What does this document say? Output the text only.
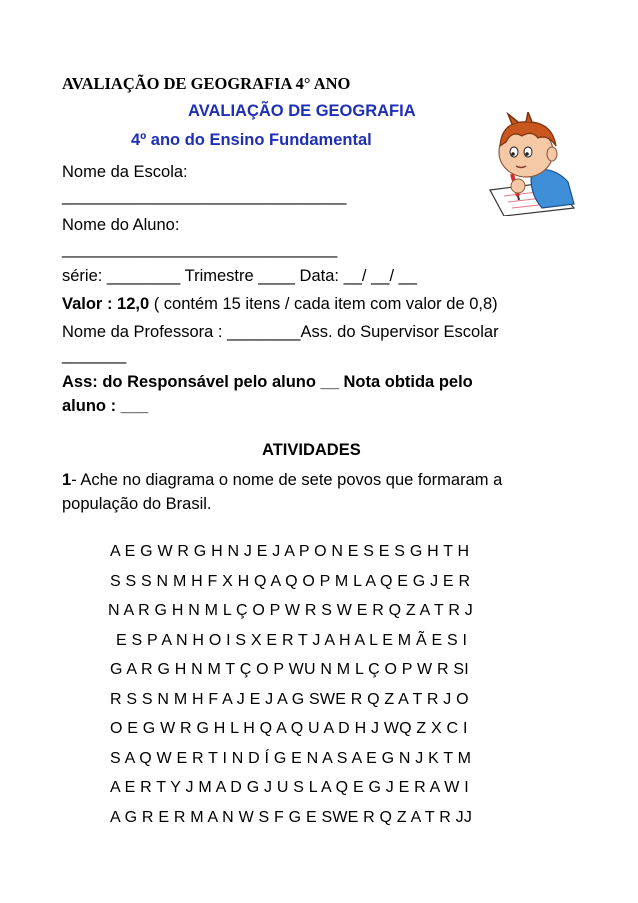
AVALIAÇÃO DE GEOGRAFIA 4° ANO
AVALIAÇÃO DE GEOGRAFIA
4º ano do Ensino Fundamental
Nome da Escola:
_______________________________
Nome do Aluno:
______________________________
série: ________ Trimestre ____ Data: __/ __/ __
Valor : 12,0 ( contém 15 itens / cada item com valor de 0,8)
Nome da Professora : ________Ass. do Supervisor Escolar
_______
Ass: do Responsável pelo aluno __ Nota obtida pelo
aluno : ___
ATIVIDADES
1- Ache no diagrama o nome de sete povos que formaram a
população do Brasil.
A E G W R G H N J E J A P O N E S E S G H T H
S S S N M H F X H Q A Q O P M L A Q E G J E R
N A R G H N M L Ç O P W R S W E R Q Z A T R J
E S P A N H O I S X E R T J A H A L E M Ã E S I
G A R G H N M T Ç O P WU N M L Ç O P W R SI
R S S N M H F A J E J A G SWE R Q Z A T R J O
O E G W R G H L H Q A Q U A D H J WQ Z X C I
S A Q W E R T I N D Í G E N A S A E G N J K T M
A E R T Y J M A D G J U S L A Q E G J E R A W I
A G R E R M A N W S F G E SWE R Q Z A T R JJ
